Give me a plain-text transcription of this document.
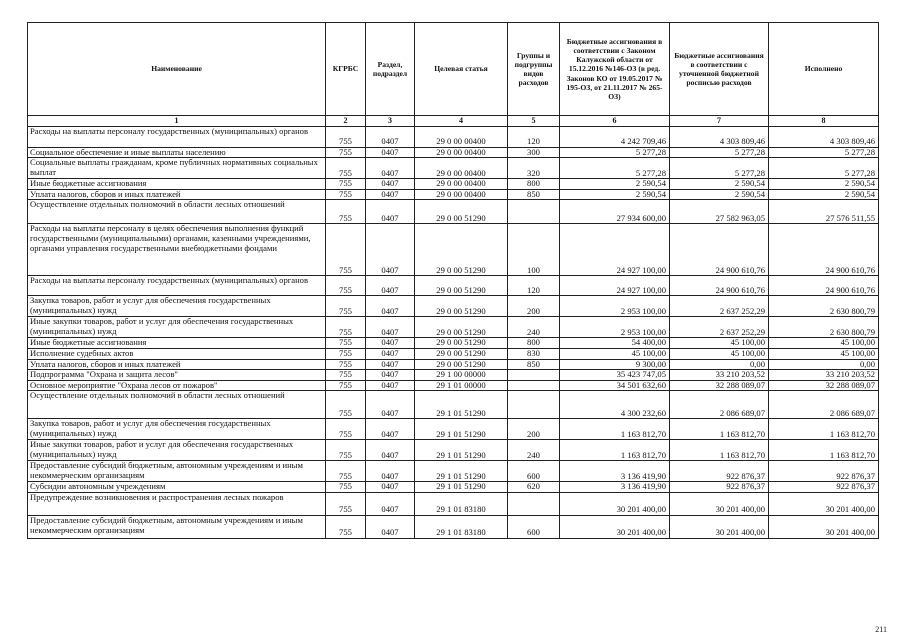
Наименование	КГРБС	Раздел, подраздел	Целевая статья	Группы и подгруппы видов расходов	Бюджетные ассигнования в соответствии с Законом Калужской области от 15.12.2016 №146-ОЗ (в ред. Законов КО от 19.05.2017 № 195-ОЗ, от 21.11.2017 № 265-ОЗ)	Бюджетные ассигнования в соответствии с уточненной бюджетной росписью расходов	Исполнено
1	2	3	4	5	6	7	8
Расходы на выплаты персоналу государственных (муниципальных) органов	755	0407	29 0 00 00400	120	4 242 709,46	4 303 809,46	4 303 809,46
Социальное обеспечение и иные выплаты населению	755	0407	29 0 00 00400	300	5 277,28	5 277,28	5 277,28
Социальные выплаты гражданам, кроме публичных нормативных социальных выплат	755	0407	29 0 00 00400	320	5 277,28	5 277,28	5 277,28
Иные бюджетные ассигнования	755	0407	29 0 00 00400	800	2 590,54	2 590,54	2 590,54
Уплата налогов, сборов и иных платежей	755	0407	29 0 00 00400	850	2 590,54	2 590,54	2 590,54
Осуществление отдельных полномочий в области лесных отношений	755	0407	29 0 00 51290		27 934 600,00	27 582 963,05	27 576 511,55
Расходы на выплаты персоналу в целях обеспечения выполнения функций государственными (муниципальными) органами, казенными учреждениями, органами управления государственными внебюджетными фондами	755	0407	29 0 00 51290	100	24 927 100,00	24 900 610,76	24 900 610,76
Расходы на выплаты персоналу государственных (муниципальных) органов	755	0407	29 0 00 51290	120	24 927 100,00	24 900 610,76	24 900 610,76
Закупка товаров, работ и услуг для обеспечения государственных (муниципальных) нужд	755	0407	29 0 00 51290	200	2 953 100,00	2 637 252,29	2 630 800,79
Иные закупки товаров, работ и услуг для обеспечения государственных (муниципальных) нужд	755	0407	29 0 00 51290	240	2 953 100,00	2 637 252,29	2 630 800,79
Иные бюджетные ассигнования	755	0407	29 0 00 51290	800	54 400,00	45 100,00	45 100,00
Исполнение судебных актов	755	0407	29 0 00 51290	830	45 100,00	45 100,00	45 100,00
Уплата налогов, сборов и иных платежей	755	0407	29 0 00 51290	850	9 300,00	0,00	0,00
Подпрограмма "Охрана и защита лесов"	755	0407	29 1 00 00000		35 423 747,05	33 210 203,52	33 210 203,52
Основное мероприятие "Охрана лесов от пожаров"	755	0407	29 1 01 00000		34 501 632,60	32 288 089,07	32 288 089,07
Осуществление отдельных полномочий в области лесных отношений	755	0407	29 1 01 51290		4 300 232,60	2 086 689,07	2 086 689,07
Закупка товаров, работ и услуг для обеспечения государственных (муниципальных) нужд	755	0407	29 1 01 51290	200	1 163 812,70	1 163 812,70	1 163 812,70
Иные закупки товаров, работ и услуг для обеспечения государственных (муниципальных) нужд	755	0407	29 1 01 51290	240	1 163 812,70	1 163 812,70	1 163 812,70
Предоставление субсидий бюджетным, автономным учреждениям и иным некоммерческим организациям	755	0407	29 1 01 51290	600	3 136 419,90	922 876,37	922 876,37
Субсидии автономным учреждениям	755	0407	29 1 01 51290	620	3 136 419,90	922 876,37	922 876,37
Предупреждение возникновения и распространения лесных пожаров	755	0407	29 1 01 83180		30 201 400,00	30 201 400,00	30 201 400,00
Предоставление субсидий бюджетным, автономным учреждениям и иным некоммерческим организациям	755	0407	29 1 01 83180	600	30 201 400,00	30 201 400,00	30 201 400,00
211
